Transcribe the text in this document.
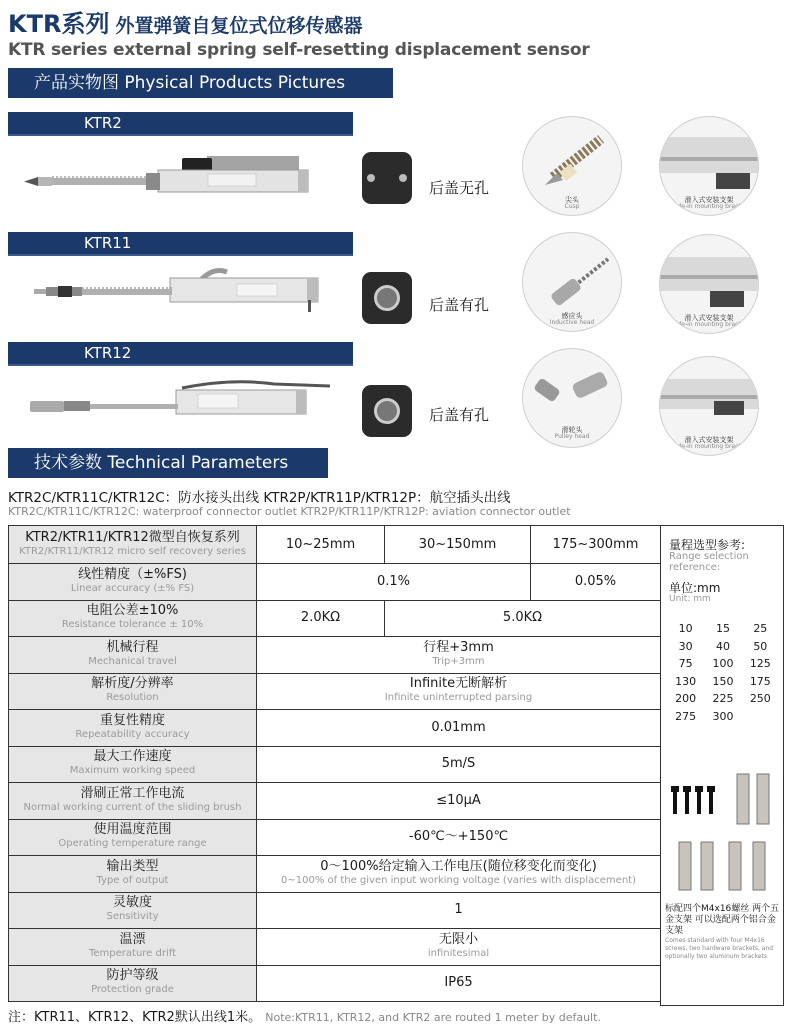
KTR系列 外置弹簧自复位式位移传感器
KTR series external spring self-resetting displacement sensor
产品实物图 Physical Products Pictures
KTR2
后盖无孔
尖头
Cusp
滑入式安装支架
Slide-in mounting bracket
KTR11
后盖有孔
感应头
Inductive head
滑入式安装支架
Slide-in mounting bracket
KTR12
后盖有孔
滑轮头
Pulley head	滑入式安装支架
Slide-in mounting bracket
技术参数 Technical Parameters
KTR2C/KTR11C/KTR12C：防水接头出线 KTR2P/KTR11P/KTR12P：航空插头出线
KTR2C/KTR11C/KTR12C: waterproof connector outlet KTR2P/KTR11P/KTR12P: aviation connector outlet
KTR2/KTR11/KTR12微型自恢复系列
KTR2/KTR11/KTR12 micro self recovery series	10~25mm	30~150mm	175~300mm

线性精度（±%FS)
Linear accuracy (±% FS)	0.1%		0.05%

电阻公差±10%
Resistance tolerance ± 10%	2.0KΩ	5.0KΩ	

机械行程
Mechanical travel	行程+3mm
Trip+3mm		

解析度/分辨率
Resolution	Infinite无断解析
Infinite uninterrupted parsing		

重复性精度
Repeatability accuracy	0.01mm		

最大工作速度
Maximum working speed	5m/S		

滑刷正常工作电流
Normal working current of the sliding brush	≤10μA		

使用温度范围
Operating temperature range	-60℃～+150℃		

输出类型
Type of output	0～100%给定输入工作电压(随位移变化而变化)
0~100% of the given input working voltage (varies with displacement)		

灵敏度
Sensitivity	1		

温漂
Temperature drift	无限小
infinitesimal		

防护等级
Protection grade	IP65		
量程选型参考:
Range selection reference:
单位:mm
Unit: mm
10	15	25
30	40	50
75	100	125
130	150	175
200	225	250
275	300
标配四个M4x16螺丝 两个五金支架 可以选配两个铝合金支架
Comes standard with four M4x16 screws, two hardware brackets, and optionally two aluminum brackets
注：KTR11、KTR12、KTR2默认出线1米。 Note:KTR11, KTR12, and KTR2 are routed 1 meter by default.
